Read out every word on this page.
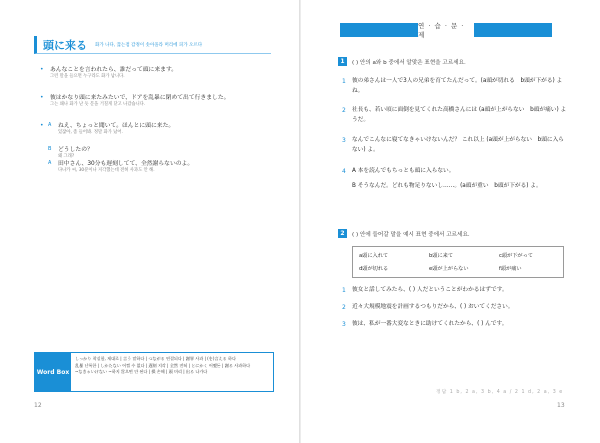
頭に来る 화가 나다, 끓는점 감정이 솟아올라 머리에 피가 오르다
• あんなことを言われたら、誰だって頭に来ます。
그런 말을 들으면 누구라도 화가 납니다.
• 彼はかなり頭に来たみたいで、ドアを乱暴に閉めて出て行きました。
그는 꽤나 화가 난 듯 문을 거칠게 닫고 나갔습니다.
• A	ねえ、ちょっと聞いて。ほんとに頭に来た。
있잖아, 좀 들어봐. 정말 화가 났어.
B	どうしたの？
왜 그래?
A	田中さん、30分も遅刻してて、全然謝らないのよ。
다나카 씨, 30분이나 지각했는데 전혀 사과도 안 해.
Word Box
しっかり 착실함, 제대로 | 言う 말하다 | つながる 연결되다 | 謝罪 사과 | (を)言える 하다
乱暴 난폭한 | しかたない 어쩔 수 없다 | 遅刻 지각 | 全然 전혀 | とにかく 어쨌든 | 謝る 사과하다
~なきゃいけない ~하지 않으면 안 된다 | 損 손해 | 頭 머리 | 出る 나가다
12
연 · 습 · 문 · 제
1	( ) 안의 a와 b 중에서 알맞은 표현을 고르세요.
1 彼の弟さんは一人で3人の兄弟を育てたんだって。(a頭が切れる　b頭が下がる) よね。
2 社長も、若い頃に面倒を見てくれた高橋さんには (a頭が上がらない　b頭が痛い) ようだ。
3 なんでこんなに寝てなきゃいけないんだ？ これ以上 (a頭が上がらない　b頭に入らない) よ。
4 A 本を読んでもちっとも頭に入らない。
B そうなんだ。どれも物足りないし……。(a頭が重い　b頭が下がる) よ。
2	( ) 안에 들어갈 말을 예시 표현 중에서 고르세요.
a頭に入れて	b頭に来て	c頭が下がって
d頭が切れる	e頭が上がらない	f頭が痛い
1 彼女と話してみたら、( ) 人だということがわかるはずです。
2 近々大規模地震を計画するつもりだから、( ) おいてください。
3 彼は、私が一番大変なときに助けてくれたから、( ) んです。
정답 1 b, 2 a, 3 b, 4 a / 2 1 d, 2 a, 3 e
13
